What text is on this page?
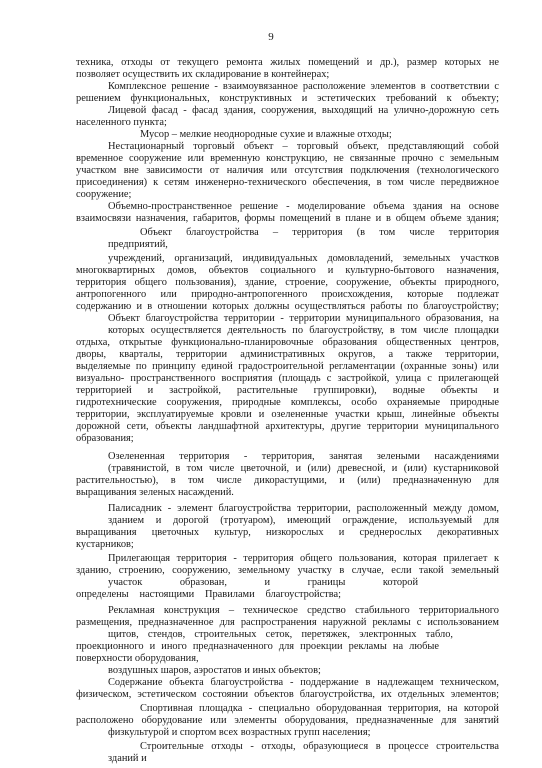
9
техника, отходы от текущего ремонта жилых помещений и др.), размер которых не
позволяет осуществить их складирование в контейнерах;
Комплексное решение - взаимоувязанное расположение элементов в соответствии с
решением функциональных, конструктивных и эстетических требований к объекту;
Лицевой фасад - фасад здания, сооружения, выходящий на улично-дорожную сеть
населенного пункта;
Мусор – мелкие неоднородные сухие и влажные отходы;
Нестационарный торговый объект – торговый объект, представляющий собой
временное сооружение или временную конструкцию, не связанные прочно с земельным
участком вне зависимости от наличия или отсутствия подключения (технологического
присоединения) к сетям инженерно-технического обеспечения, в том числе передвижное
сооружение;
Объемно-пространственное решение - моделирование объема здания на основе
взаимосвязи назначения, габаритов, формы помещений в плане и в общем объеме здания;
Объект благоустройства – территория (в том числе территория
предприятий,
учреждений, организаций, индивидуальных домовладений, земельных участков
многоквартирных домов, объектов социального и культурно-бытового назначения,
территория общего пользования), здание, строение, сооружение, объекты природного,
антропогенного или природно-антропогенного происхождения, которые подлежат
содержанию и в отношении которых должны осуществляться работы по благоустройству;
Объект благоустройства территории - территории муниципального образования, на
которых осуществляется деятельность по благоустройству, в том числе площадки
отдыха, открытые функционально-планировочные образования общественных центров,
дворы, кварталы, территории административных округов, а также территории,
выделяемые по принципу единой градостроительной регламентации (охранные зоны) или
визуально- пространственного восприятия (площадь с застройкой, улица с прилегающей
территорией и застройкой, растительные группировки), водные объекты и
гидротехнические сооружения, природные комплексы, особо охраняемые природные
территории, эксплуатируемые кровли и озелененные участки крыш, линейные объекты
дорожной сети, объекты ландшафтной архитектуры, другие территории муниципального
образования;
Озелененная территория - территория, занятая зелеными насаждениями
(травянистой, в том числе цветочной, и (или) древесной, и (или) кустарниковой
растительностью), в том числе дикорастущими, и (или) предназначенную для
выращивания зеленых насаждений.
Палисадник - элемент благоустройства территории, расположенный между домом,
зданием и дорогой (тротуаром), имеющий ограждение, используемый для
выращивания цветочных культур, низкорослых и среднерослых декоративных
кустарников;
Прилегающая территория - территория общего пользования, которая прилегает к
зданию, строению, сооружению, земельному участку в случае, если такой земельный
участок образован, и границы которой
определены настоящими Правилами благоустройства;
Рекламная конструкция – техническое средство стабильного территориального
размещения, предназначенное для распространения наружной рекламы с использованием
щитов, стендов, строительных сеток, перетяжек, электронных табло,
проекционного и иного предназначенного для проекции рекламы на любые
поверхности оборудования,
воздушных шаров, аэростатов и иных объектов;
Содержание объекта благоустройства - поддержание в надлежащем техническом,
физическом, эстетическом состоянии объектов благоустройства, их отдельных элементов;
Спортивная площадка - специально оборудованная территория, на которой
расположено оборудование или элементы оборудования, предназначенные для занятий
физкультурой и спортом всех возрастных групп населения;
Строительные отходы - отходы, образующиеся в процессе строительства
зданий и
